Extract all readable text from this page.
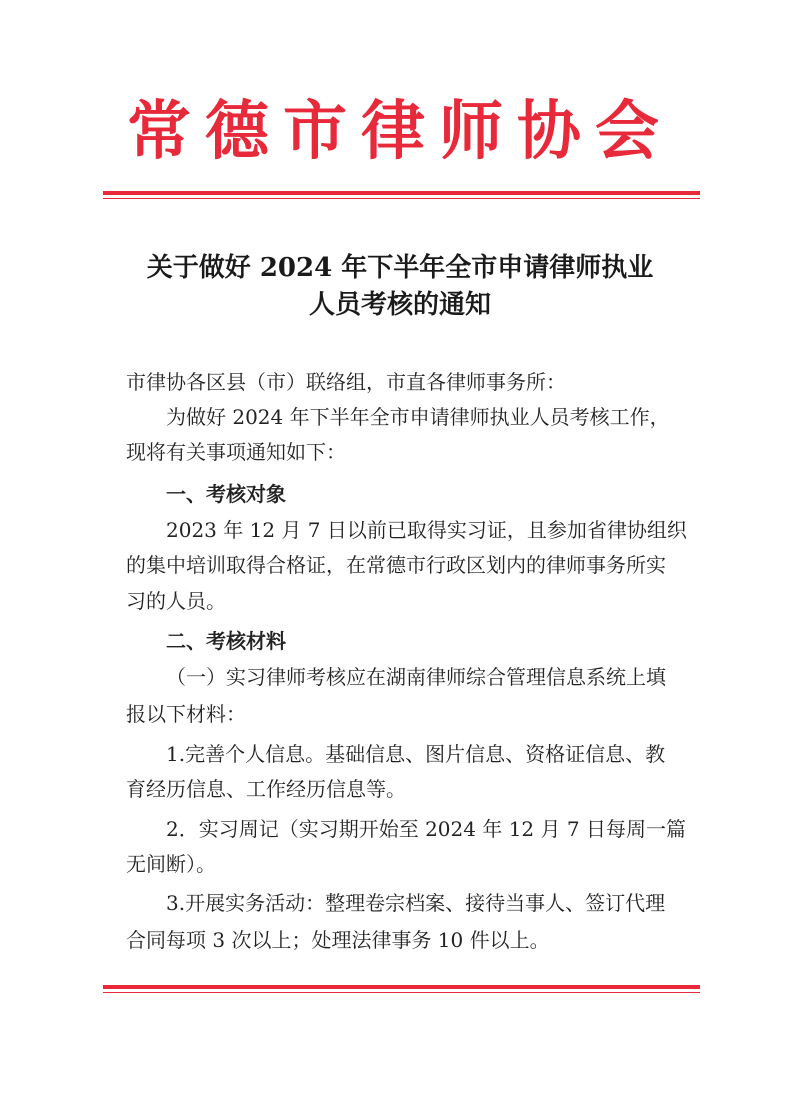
常德市律师协会
关于做好 2024 年下半年全市申请律师执业
人员考核的通知
市律协各区县（市）联络组，市直各律师事务所：
为做好 2024 年下半年全市申请律师执业人员考核工作，
现将有关事项通知如下：
一、考核对象
2023 年 12 月 7 日以前已取得实习证，且参加省律协组织
的集中培训取得合格证，在常德市行政区划内的律师事务所实
习的人员。
二、考核材料
（一）实习律师考核应在湖南律师综合管理信息系统上填
报以下材料：
1.完善个人信息。基础信息、图片信息、资格证信息、教
育经历信息、工作经历信息等。
2．实习周记（实习期开始至 2024 年 12 月 7 日每周一篇
无间断）。
3.开展实务活动：整理卷宗档案、接待当事人、签订代理
合同每项 3 次以上；处理法律事务 10 件以上。
